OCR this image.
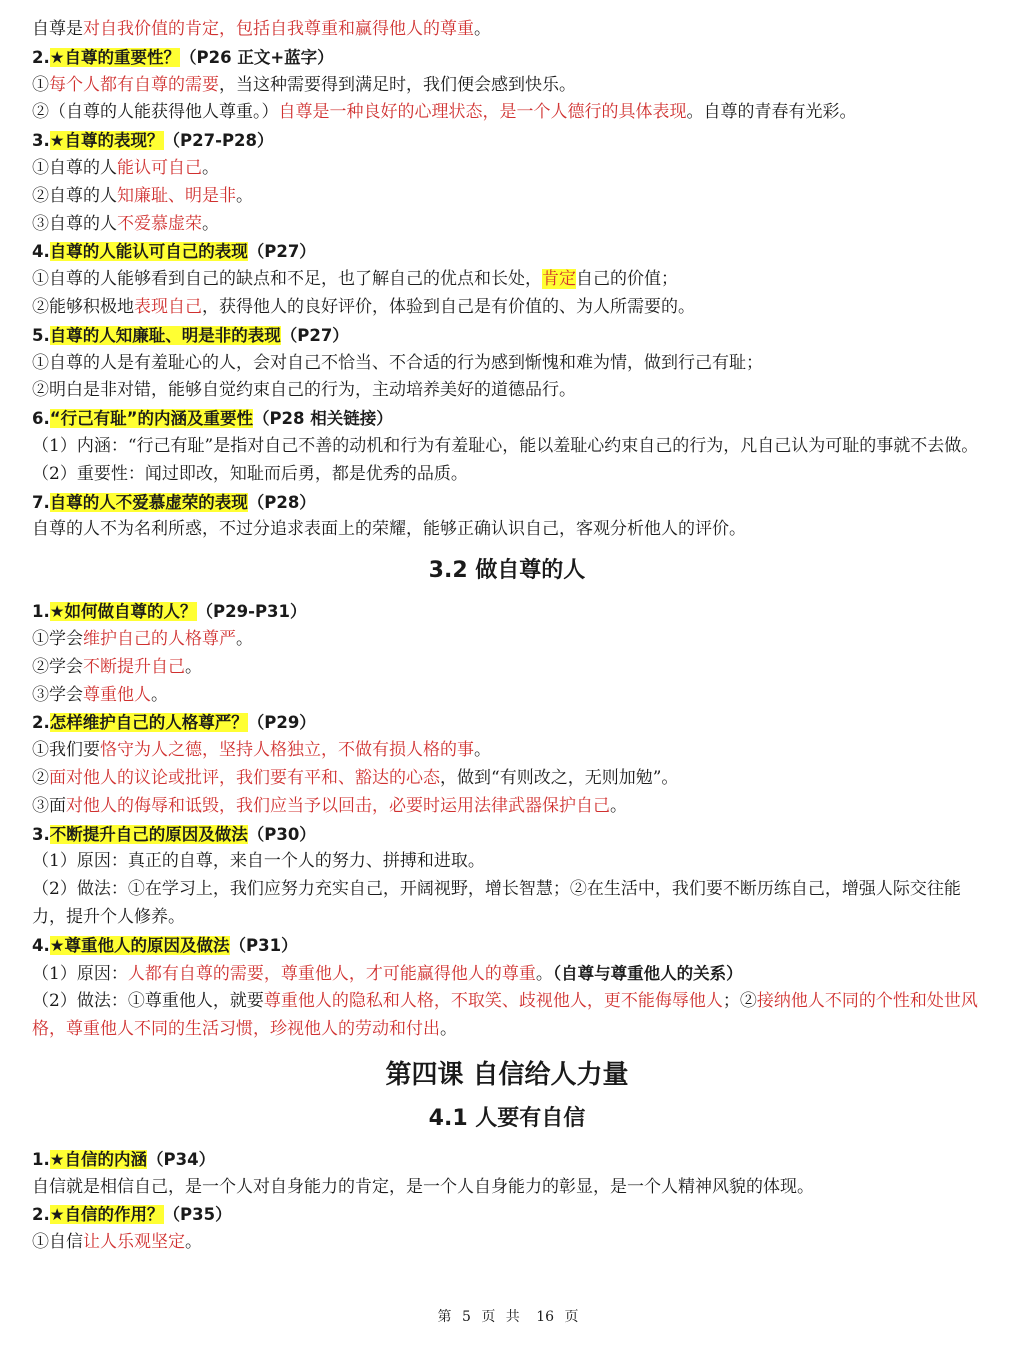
自尊是对自我价值的肯定，包括自我尊重和赢得他人的尊重。
2.★自尊的重要性？（P26 正文+蓝字）
①每个人都有自尊的需要，当这种需要得到满足时，我们便会感到快乐。
②（自尊的人能获得他人尊重。）自尊是一种良好的心理状态，是一个人德行的具体表现。自尊的青春有光彩。
3.★自尊的表现？（P27-P28）
①自尊的人能认可自己。
②自尊的人知廉耻、明是非。
③自尊的人不爱慕虚荣。
4.自尊的人能认可自己的表现（P27）
①自尊的人能够看到自己的缺点和不足，也了解自己的优点和长处，肯定自己的价值；
②能够积极地表现自己，获得他人的良好评价，体验到自己是有价值的、为人所需要的。
5.自尊的人知廉耻、明是非的表现（P27）
①自尊的人是有羞耻心的人，会对自己不恰当、不合适的行为感到惭愧和难为情，做到行己有耻；
②明白是非对错，能够自觉约束自己的行为，主动培养美好的道德品行。
6.“行己有耻”的内涵及重要性（P28 相关链接）
（1）内涵：“行己有耻”是指对自己不善的动机和行为有羞耻心，能以羞耻心约束自己的行为，凡自己认为可耻的事就不去做。
（2）重要性：闻过即改，知耻而后勇，都是优秀的品质。
7.自尊的人不爱慕虚荣的表现（P28）
自尊的人不为名利所惑，不过分追求表面上的荣耀，能够正确认识自己，客观分析他人的评价。
3.2 做自尊的人
1.★如何做自尊的人？（P29-P31）
①学会维护自己的人格尊严。
②学会不断提升自己。
③学会尊重他人。
2.怎样维护自己的人格尊严？（P29）
①我们要恪守为人之德，坚持人格独立，不做有损人格的事。
②面对他人的议论或批评，我们要有平和、豁达的心态，做到“有则改之，无则加勉”。
③面对他人的侮辱和诋毁，我们应当予以回击，必要时运用法律武器保护自己。
3.不断提升自己的原因及做法（P30）
（1）原因：真正的自尊，来自一个人的努力、拼搏和进取。
（2）做法：①在学习上，我们应努力充实自己，开阔视野，增长智慧；②在生活中，我们要不断历练自己，增强人际交往能力，提升个人修养。
4.★尊重他人的原因及做法（P31）
（1）原因：人都有自尊的需要，尊重他人，才可能赢得他人的尊重。（自尊与尊重他人的关系）
（2）做法：①尊重他人，就要尊重他人的隐私和人格，不取笑、歧视他人，更不能侮辱他人；②接纳他人不同的个性和处世风格，尊重他人不同的生活习惯，珍视他人的劳动和付出。
第四课 自信给人力量
4.1 人要有自信
1.★自信的内涵（P34）
自信就是相信自己，是一个人对自身能力的肯定，是一个人自身能力的彰显，是一个人精神风貌的体现。
2.★自信的作用？（P35）
①自信让人乐观坚定。
第 5 页 共 16 页
